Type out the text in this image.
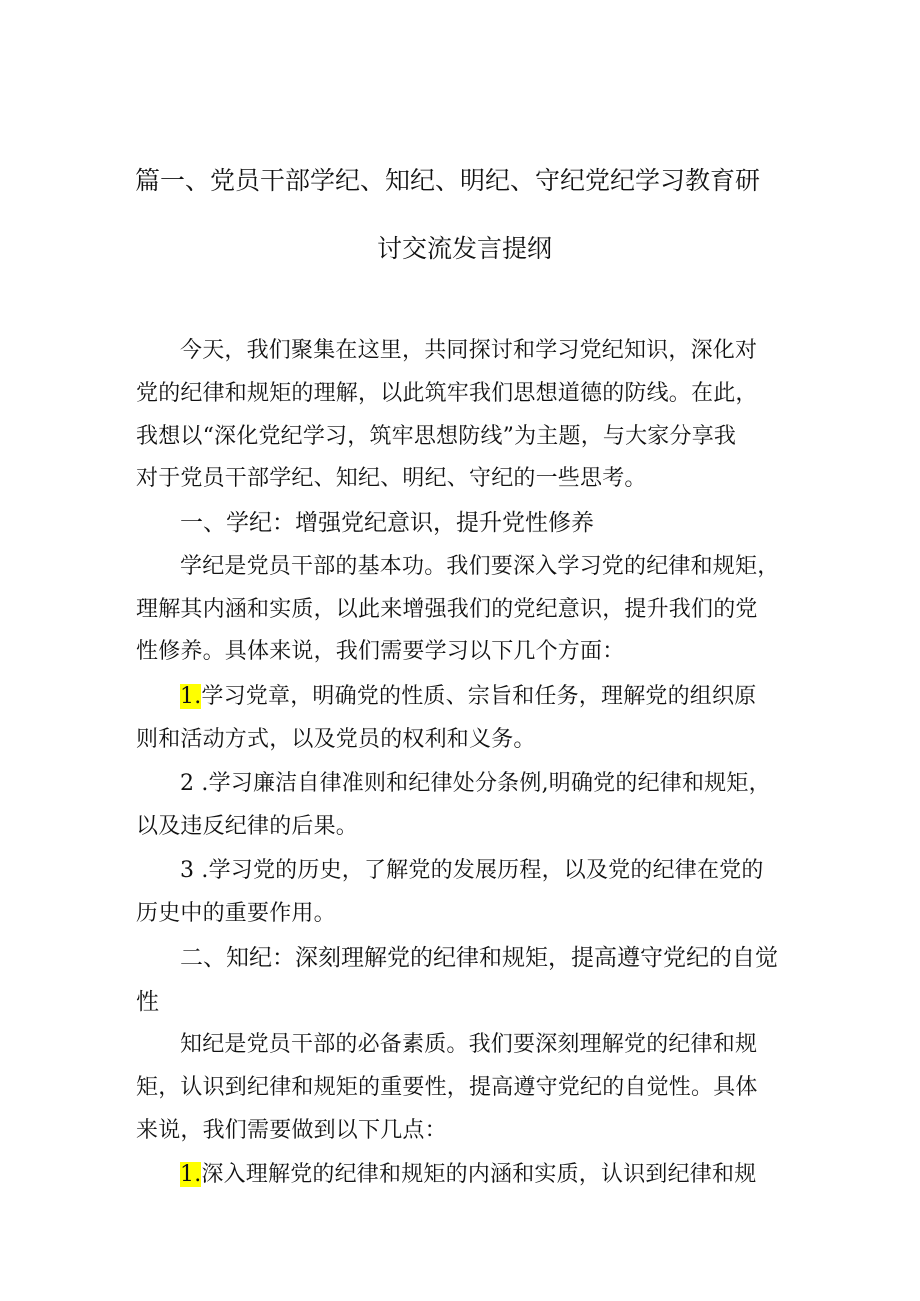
篇一、党员干部学纪、知纪、明纪、守纪党纪学习教育研
讨交流发言提纲
今天，我们聚集在这里，共同探讨和学习党纪知识，深化对
党的纪律和规矩的理解，以此筑牢我们思想道德的防线。在此，
我想以“深化党纪学习，筑牢思想防线”为主题，与大家分享我
对于党员干部学纪、知纪、明纪、守纪的一些思考。
一、学纪：增强党纪意识，提升党性修养
学纪是党员干部的基本功。我们要深入学习党的纪律和规矩，
理解其内涵和实质，以此来增强我们的党纪意识，提升我们的党
性修养。具体来说，我们需要学习以下几个方面：
1.学习党章，明确党的性质、宗旨和任务，理解党的组织原
则和活动方式，以及党员的权利和义务。
2 .学习廉洁自律准则和纪律处分条例,明确党的纪律和规矩，
以及违反纪律的后果。
3 .学习党的历史，了解党的发展历程，以及党的纪律在党的
历史中的重要作用。
二、知纪：深刻理解党的纪律和规矩，提高遵守党纪的自觉
性
知纪是党员干部的必备素质。我们要深刻理解党的纪律和规
矩，认识到纪律和规矩的重要性，提高遵守党纪的自觉性。具体
来说，我们需要做到以下几点：
1.深入理解党的纪律和规矩的内涵和实质，认识到纪律和规
